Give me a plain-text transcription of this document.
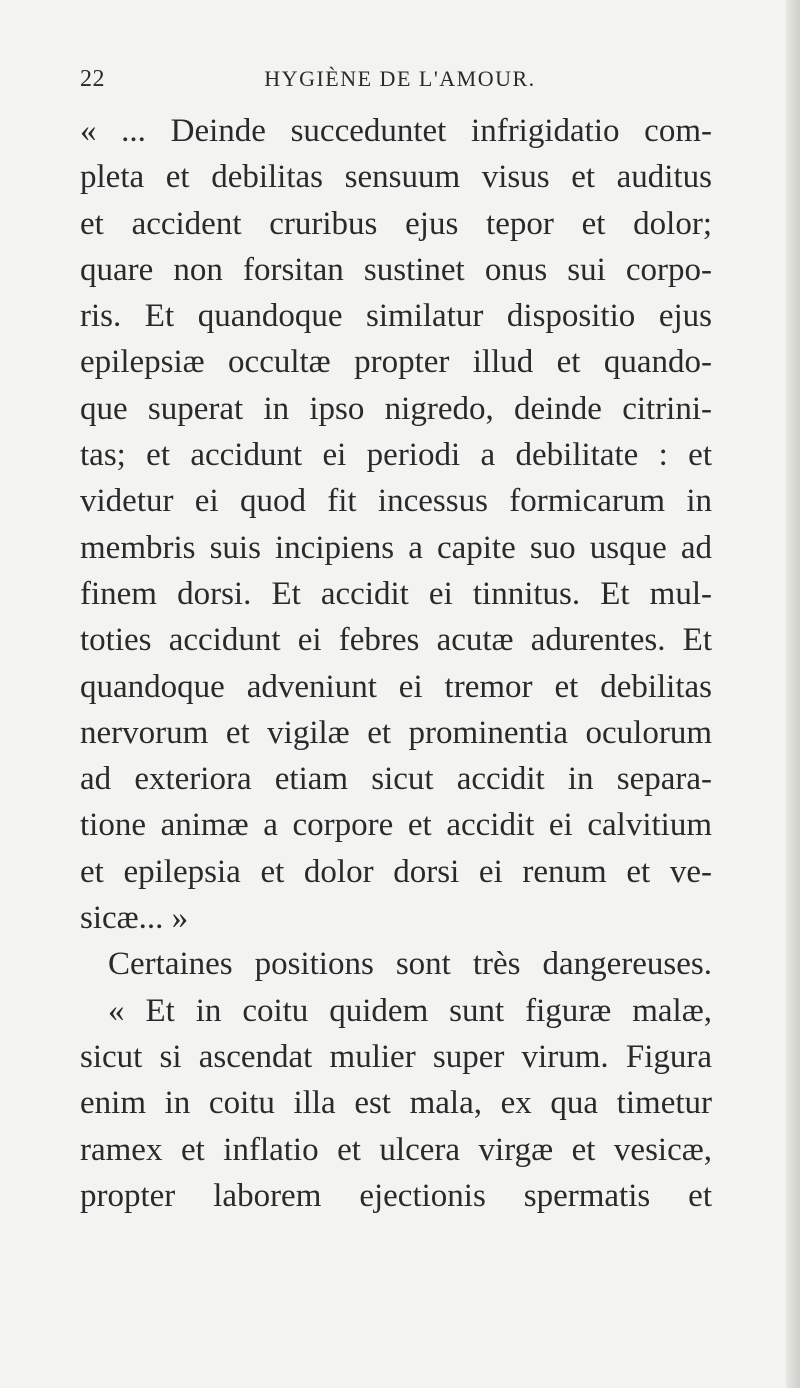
22	HYGIÈNE DE L'AMOUR.
« ... Deinde succeduntet infrigidatio com-
pleta et debilitas sensuum visus et auditus
et accident cruribus ejus tepor et dolor;
quare non forsitan sustinet onus sui corpo-
ris. Et quandoque similatur dispositio ejus
epilepsiæ occultæ propter illud et quando-
que superat in ipso nigredo, deinde citrini-
tas; et accidunt ei periodi a debilitate : et
videtur ei quod fit incessus formicarum in
membris suis incipiens a capite suo usque ad
finem dorsi. Et accidit ei tinnitus. Et mul-
toties accidunt ei febres acutæ adurentes. Et
quandoque adveniunt ei tremor et debilitas
nervorum et vigilæ et prominentia oculorum
ad exteriora etiam sicut accidit in separa-
tione animæ a corpore et accidit ei calvitium
et epilepsia et dolor dorsi ei renum et ve-
sicæ... »
Certaines positions sont très dangereuses.
« Et in coitu quidem sunt figuræ malæ,
sicut si ascendat mulier super virum. Figura
enim in coitu illa est mala, ex qua timetur
ramex et inflatio et ulcera virgæ et vesicæ,
propter laborem ejectionis spermatis et
